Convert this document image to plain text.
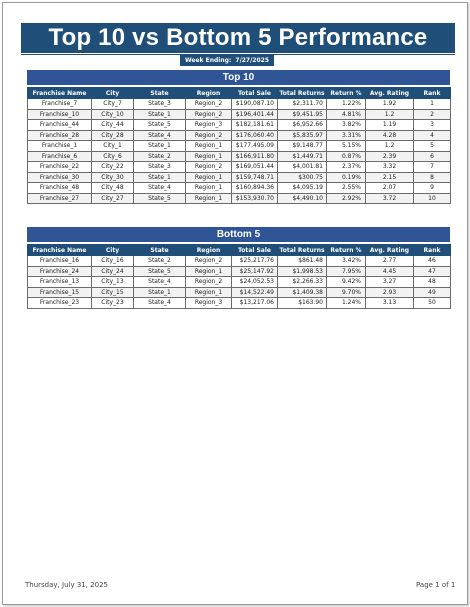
Top 10 vs Bottom 5 Performance
Week Ending: 7/27/2025
Top 10
Franchise Name	City	State	Region	Total Sale	Total Returns	Return %	Avg. Rating	Rank
Franchise_7	City_7	State_3	Region_2	$190,087.10	$2,311.70	1.22%	1.92	1
Franchise_10	City_10	State_1	Region_2	$196,401.44	$9,451.95	4.81%	1.2	2
Franchise_44	City_44	State_5	Region_3	$182,181.61	$6,952.66	3.82%	1.19	3
Franchise_28	City_28	State_4	Region_2	$176,060.40	$5,835.97	3.31%	4.28	4
Franchise_1	City_1	State_1	Region_1	$177,495.09	$9,148.77	5.15%	1.2	5
Franchise_6	City_6	State_2	Region_1	$166,911.80	$1,449.71	0.87%	2.39	6
Franchise_22	City_22	State_3	Region_2	$169,051.44	$4,001.81	2.37%	3.32	7
Franchise_30	City_30	State_1	Region_1	$159,748.71	$300.75	0.19%	2.15	8
Franchise_48	City_48	State_4	Region_1	$160,894.36	$4,095.19	2.55%	2.07	9
Franchise_27	City_27	State_5	Region_1	$153,930.70	$4,490.10	2.92%	3.72	10
Bottom 5
Franchise Name	City	State	Region	Total Sale	Total Returns	Return %	Avg. Rating	Rank
Franchise_16	City_16	State_2	Region_2	$25,217.76	$861.48	3.42%	2.77	46
Franchise_24	City_24	State_5	Region_1	$25,147.92	$1,998.53	7.95%	4.45	47
Franchise_13	City_13	State_4	Region_2	$24,052.53	$2,266.33	9.42%	3.27	48
Franchise_15	City_15	State_1	Region_1	$14,522.49	$1,409.38	9.70%	2.93	49
Franchise_23	City_23	State_4	Region_3	$13,217.06	$163.90	1.24%	3.13	50
Thursday, July 31, 2025	Page 1 of 1
